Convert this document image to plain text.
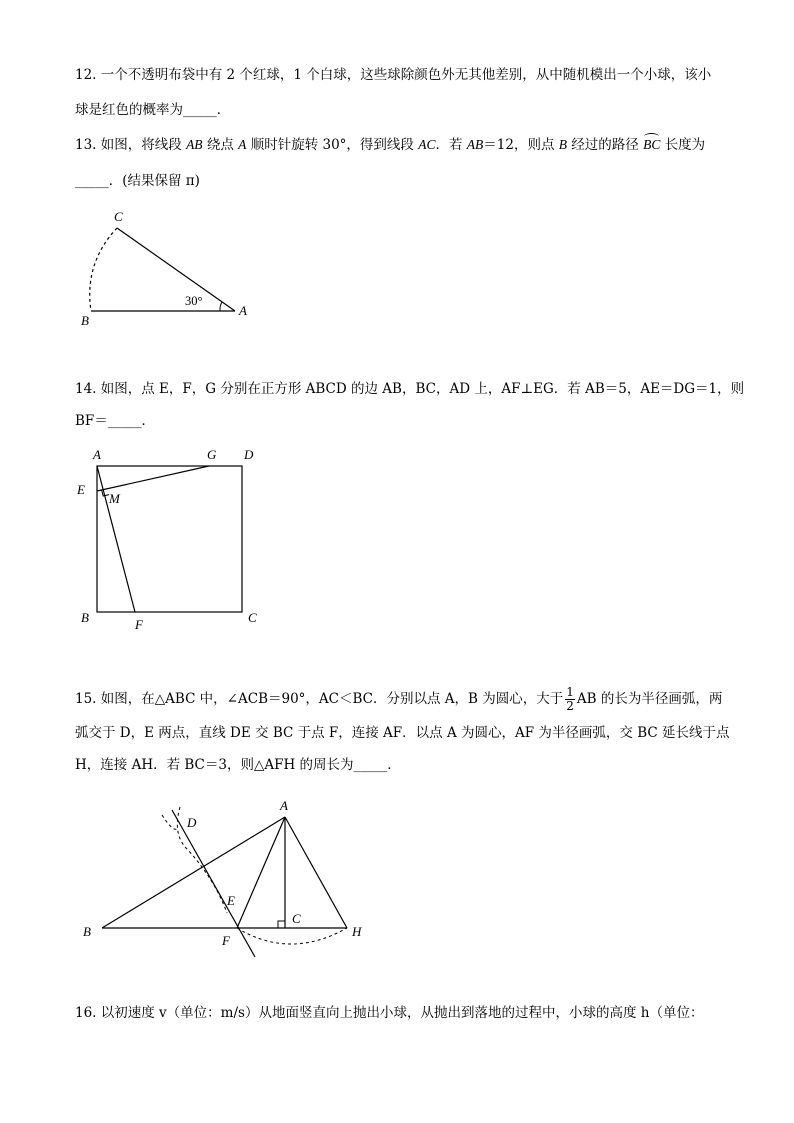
12. 一个不透明布袋中有 2 个红球，1 个白球，这些球除颜色外无其他差别，从中随机模出一个小球，该小
球是红色的概率为_____．
13. 如图，将线段 AB 绕点 A 顺时针旋转 30°，得到线段 AC．若 AB＝12，则点 B 经过的路径
BC 长度为
_____．(结果保留 π)
C
B
A
30°
14. 如图，点 E，F，G 分别在正方形 ABCD 的边 AB，BC，AD 上，AF⊥EG．若 AB＝5，AE＝DG＝1，则
BF＝_____．
A	G D
E
M
B	F	C
15. 如图，在△ABC 中，∠ACB＝90°，AC＜BC．分别以点 A，B 为圆心，大于 $\frac{1}{2}$ AB 的长为半径画弧，两
弧交于 D，E 两点，直线 DE 交 BC 于点 F，连接 AF．以点 A 为圆心，AF 为半径画弧，交 BC 延长线于点
H，连接 AH．若 BC＝3，则△AFH 的周长为_____．
A
D
E
B
F
C
H
16. 以初速度 v（单位：m/s）从地面竖直向上抛出小球，从抛出到落地的过程中，小球的高度 h（单位：
